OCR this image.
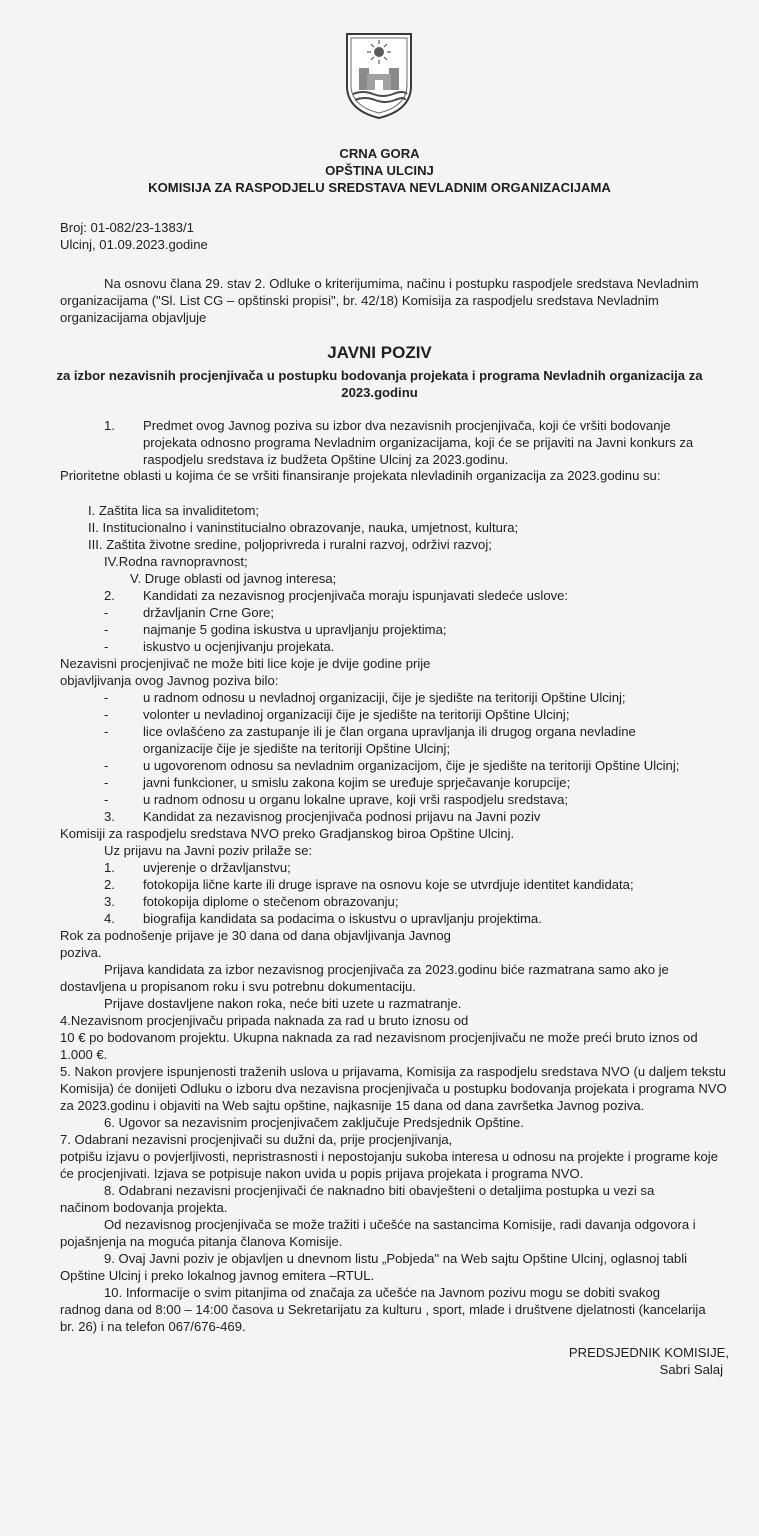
CRNA GORA
OPŠTINA ULCINJ
KOMISIJA ZA RASPODJELU SREDSTAVA NEVLADNIM ORGANIZACIJAMA
Broj: 01-082/23-1383/1
Ulcinj, 01.09.2023.godine
Na osnovu člana 29. stav 2. Odluke o kriterijumima, načinu i postupku raspodjele sredstava Nevladnim
organizacijama ("Sl. List CG – opštinski propisi", br. 42/18) Komisija za raspodjelu sredstava Nevladnim
organizacijama objavljuje
JAVNI POZIV
za izbor nezavisnih procjenjivača u postupku bodovanja projekata i programa Nevladnih organizacija za
2023.godinu
1. Predmet ovog Javnog poziva su izbor dva nezavisnih procjenjivača, koji će vršiti bodovanje
projekata odnosno programa Nevladnim organizacijama, koji će se prijaviti na Javni konkurs za
raspodjelu sredstava iz budžeta Opštine Ulcinj za 2023.godinu.
Prioritetne oblasti u kojima će se vršiti finansiranje projekata nlevladinih organizacija za 2023.godinu su:
I. Zaštita lica sa invaliditetom;
II. Institucionalno i vaninstitucialno obrazovanje, nauka, umjetnost, kultura;
III. Zaštita životne sredine, poljoprivreda i ruralni razvoj, održivi razvoj;
IV.Rodna ravnopravnost;
V. Druge oblasti od javnog interesa;
2. Kandidati za nezavisnog procjenjivača moraju ispunjavati sledeće uslove:
-	državljanin Crne Gore;
-	najmanje 5 godina iskustva u upravljanju projektima;
-	iskustvo u ocjenjivanju projekata.
Nezavisni procjenjivač ne može biti lice koje je dvije godine prije
objavljivanja ovog Javnog poziva bilo:
-	u radnom odnosu u nevladnoj organizaciji, čije je sjedište na teritoriji Opštine Ulcinj;
-	volonter u nevladinoj organizaciji čije je sjedište na teritoriji Opštine Ulcinj;
-	lice ovlašćeno za zastupanje ili je član organa upravljanja ili drugog organa nevladine
organizacije čije je sjedište na teritoriji Opštine Ulcinj;
-	u ugovorenom odnosu sa nevladnim organizacijom, čije je sjedište na teritoriji Opštine Ulcinj;
-	javni funkcioner, u smislu zakona kojim se uređuje sprječavanje korupcije;
-	u radnom odnosu u organu lokalne uprave, koji vrši raspodjelu sredstava;
3. Kandidat za nezavisnog procjenjivača podnosi prijavu na Javni poziv
Komisiji za raspodjelu sredstava NVO preko Gradjanskog biroa Opštine Ulcinj.
Uz prijavu na Javni poziv prilaže se:
1. uvjerenje o državljanstvu;
2. fotokopija lične karte ili druge isprave na osnovu koje se utvrdjuje identitet kandidata;
3. fotokopija diplome o stečenom obrazovanju;
4. biografija kandidata sa podacima o iskustvu o upravljanju projektima.
Rok za podnošenje prijave je 30 dana od dana objavljivanja Javnog
poziva.
Prijava kandidata za izbor nezavisnog procjenjivača za 2023.godinu biće razmatrana samo ako je
dostavljena u propisanom roku i svu potrebnu dokumentaciju.
Prijave dostavljene nakon roka, neće biti uzete u razmatranje.
4.Nezavisnom procjenjivaču pripada naknada za rad u bruto iznosu od
10 € po bodovanom projektu. Ukupna naknada za rad nezavisnom procjenjivaču ne može preći bruto iznos od
1.000 €.
5. Nakon provjere ispunjenosti traženih uslova u prijavama, Komisija za raspodjelu sredstava NVO (u daljem tekstu
Komisija) će donijeti Odluku o izboru dva nezavisna procjenjivača u postupku bodovanja projekata i programa NVO
za 2023.godinu i objaviti na Web sajtu opštine, najkasnije 15 dana od dana završetka Javnog poziva.
6. Ugovor sa nezavisnim procjenjivačem zaključuje Predsjednik Opštine.
7. Odabrani nezavisni procjenjivači su dužni da, prije procjenjivanja,
potpišu izjavu o povjerljivosti, nepristrasnosti i nepostojanju sukoba interesa u odnosu na projekte i programe koje
će procjenjivati. Izjava se potpisuje nakon uvida u popis prijava projekata i programa NVO.
8. Odabrani nezavisni procjenjivači će naknadno biti obavješteni o detaljima postupka u vezi sa
načinom bodovanja projekta.
Od nezavisnog procjenjivača se može tražiti i učešće na sastancima Komisije, radi davanja odgovora i
pojašnjenja na moguća pitanja članova Komisije.
9. Ovaj Javni poziv je objavljen u dnevnom listu „Pobjeda" na Web sajtu Opštine Ulcinj, oglasnoj tabli
Opštine Ulcinj i preko lokalnog javnog emitera –RTUL.
10. Informacije o svim pitanjima od značaja za učešće na Javnom pozivu mogu se dobiti svakog
radnog dana od 8:00 – 14:00 časova u Sekretarijatu za kulturu , sport, mlade i društvene djelatnosti (kancelarija
br. 26) i na telefon 067/676-469.
PREDSJEDNIK KOMISIJE,
Sabri Salaj
